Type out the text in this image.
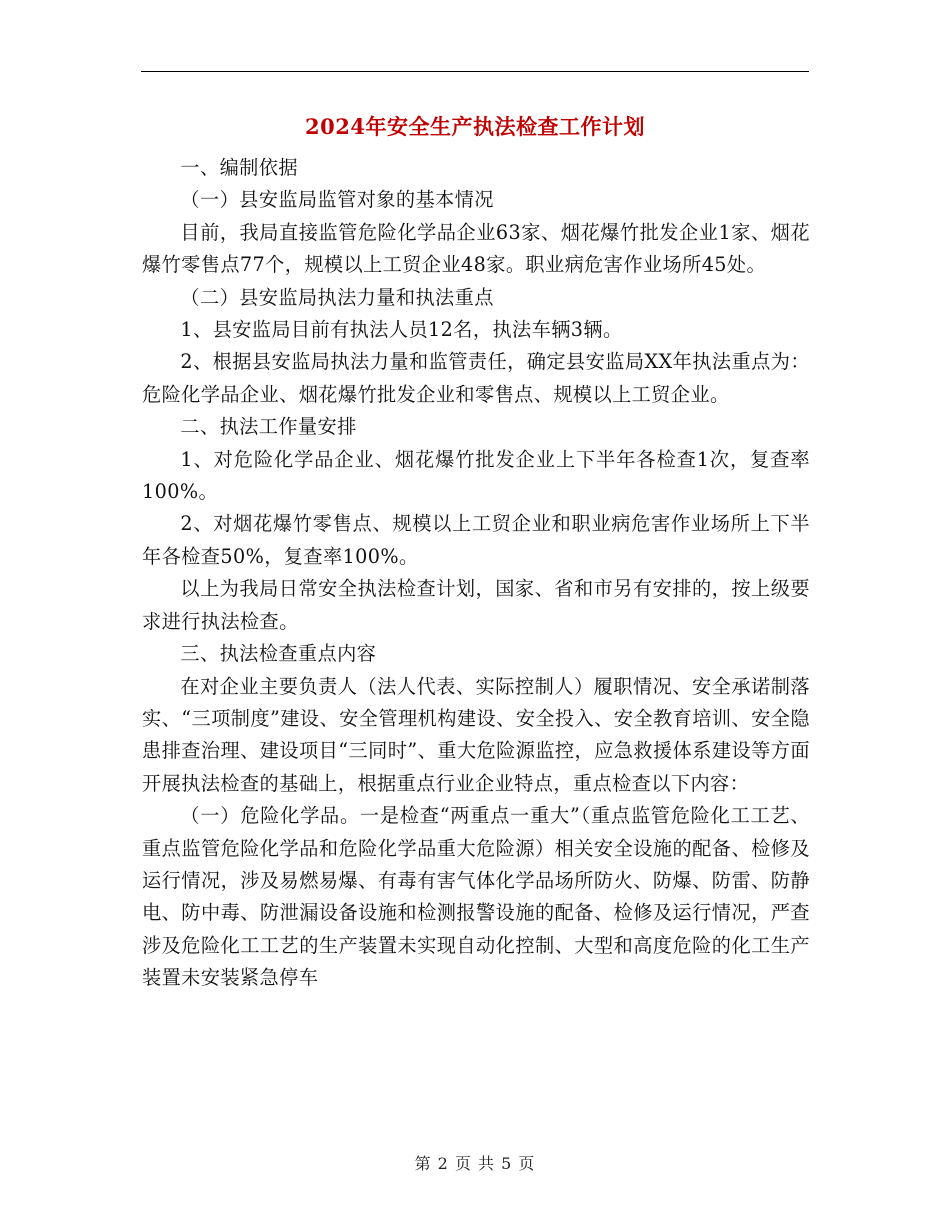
2024年安全生产执法检查工作计划

一、编制依据

（一）县安监局监管对象的基本情况

目前，我局直接监管危险化学品企业63家、烟花爆竹批发企业1家、烟花爆竹零售点77个，规模以上工贸企业48家。职业病危害作业场所45处。

（二）县安监局执法力量和执法重点

1、县安监局目前有执法人员12名，执法车辆3辆。

2、根据县安监局执法力量和监管责任，确定县安监局XX年执法重点为：危险化学品企业、烟花爆竹批发企业和零售点、规模以上工贸企业。

二、执法工作量安排

1、对危险化学品企业、烟花爆竹批发企业上下半年各检查1次，复查率100%。

2、对烟花爆竹零售点、规模以上工贸企业和职业病危害作业场所上下半年各检查50%，复查率100%。

以上为我局日常安全执法检查计划，国家、省和市另有安排的，按上级要求进行执法检查。

三、执法检查重点内容

在对企业主要负责人（法人代表、实际控制人）履职情况、安全承诺制落实、“三项制度”建设、安全管理机构建设、安全投入、安全教育培训、安全隐患排查治理、建设项目“三同时”、重大危险源监控，应急救援体系建设等方面开展执法检查的基础上，根据重点行业企业特点，重点检查以下内容：

（一）危险化学品。一是检查“两重点一重大”（重点监管危险化工工艺、重点监管危险化学品和危险化学品重大危险源）相关安全设施的配备、检修及运行情况，涉及易燃易爆、有毒有害气体化学品场所防火、防爆、防雷、防静电、防中毒、防泄漏设备设施和检测报警设施的配备、检修及运行情况，严查涉及危险化工工艺的生产装置未实现自动化控制、大型和高度危险的化工生产装置未安装紧急停车

第 2 页 共 5 页
